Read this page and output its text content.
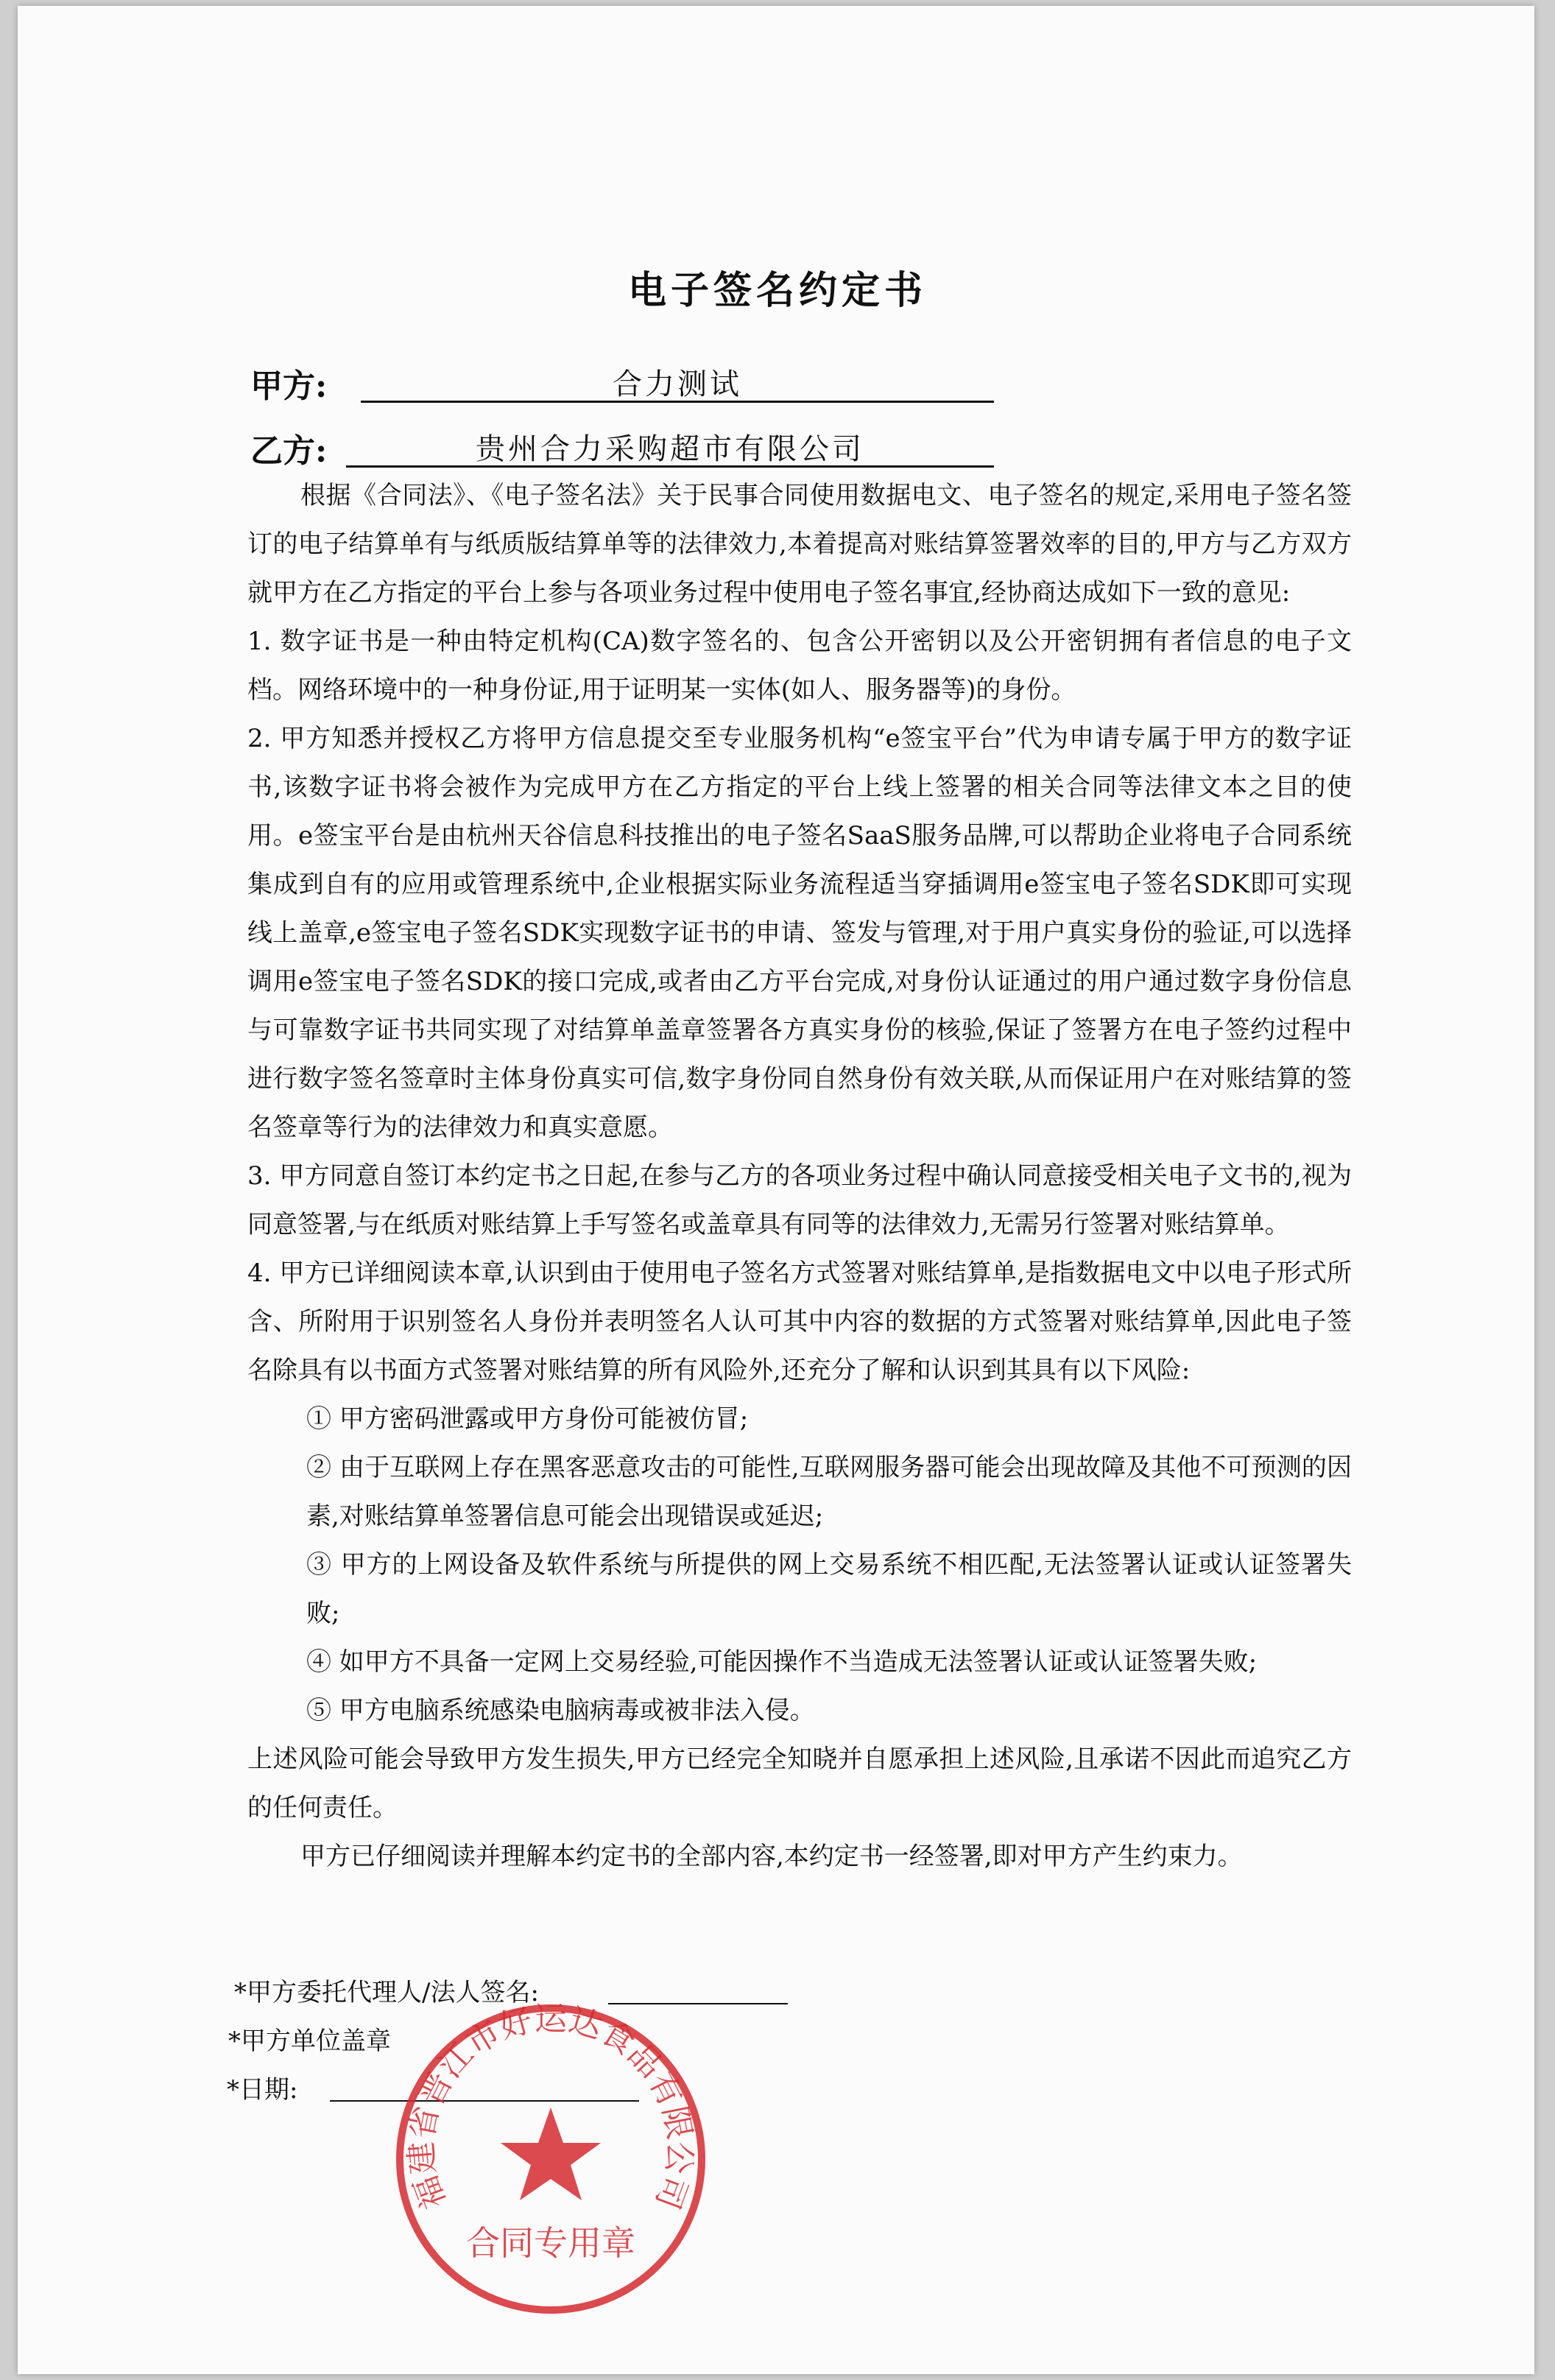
电子签名约定书
甲方:	合力测试
乙方:	贵州合力采购超市有限公司

根据《合同法》、《电子签名法》关于民事合同使用数据电文、电子签名的规定,采用电子签名签订的电子结算单有与纸质版结算单等的法律效力,本着提高对账结算签署效率的目的,甲方与乙方双方就甲方在乙方指定的平台上参与各项业务过程中使用电子签名事宜,经协商达成如下一致的意见:

1. 数字证书是一种由特定机构(CA)数字签名的、包含公开密钥以及公开密钥拥有者信息的电子文档。网络环境中的一种身份证,用于证明某一实体(如人、服务器等)的身份。

2. 甲方知悉并授权乙方将甲方信息提交至专业服务机构“e签宝平台”代为申请专属于甲方的数字证书,该数字证书将会被作为完成甲方在乙方指定的平台上线上签署的相关合同等法律文本之目的使用。e签宝平台是由杭州天谷信息科技推出的电子签名SaaS服务品牌,可以帮助企业将电子合同系统集成到自有的应用或管理系统中,企业根据实际业务流程适当穿插调用e签宝电子签名SDK即可实现线上盖章,e签宝电子签名SDK实现数字证书的申请、签发与管理,对于用户真实身份的验证,可以选择调用e签宝电子签名SDK的接口完成,或者由乙方平台完成,对身份认证通过的用户通过数字身份信息与可靠数字证书共同实现了对结算单盖章签署各方真实身份的核验,保证了签署方在电子签约过程中进行数字签名签章时主体身份真实可信,数字身份同自然身份有效关联,从而保证用户在对账结算的签名签章等行为的法律效力和真实意愿。

3. 甲方同意自签订本约定书之日起,在参与乙方的各项业务过程中确认同意接受相关电子文书的,视为同意签署,与在纸质对账结算上手写签名或盖章具有同等的法律效力,无需另行签署对账结算单。

4. 甲方已详细阅读本章,认识到由于使用电子签名方式签署对账结算单,是指数据电文中以电子形式所含、所附用于识别签名人身份并表明签名人认可其中内容的数据的方式签署对账结算单,因此电子签名除具有以书面方式签署对账结算的所有风险外,还充分了解和认识到其具有以下风险:

① 甲方密码泄露或甲方身份可能被仿冒;

② 由于互联网上存在黑客恶意攻击的可能性,互联网服务器可能会出现故障及其他不可预测的因素,对账结算单签署信息可能会出现错误或延迟;

③ 甲方的上网设备及软件系统与所提供的网上交易系统不相匹配,无法签署认证或认证签署失败;

④ 如甲方不具备一定网上交易经验,可能因操作不当造成无法签署认证或认证签署失败;

⑤ 甲方电脑系统感染电脑病毒或被非法入侵。

上述风险可能会导致甲方发生损失,甲方已经完全知晓并自愿承担上述风险,且承诺不因此而追究乙方的任何责任。

甲方已仔细阅读并理解本约定书的全部内容,本约定书一经签署,即对甲方产生约束力。

*甲方委托代理人/法人签名:
*甲方单位盖章
*日期:
福建省晋江市好运达食品有限公司
合同专用章
